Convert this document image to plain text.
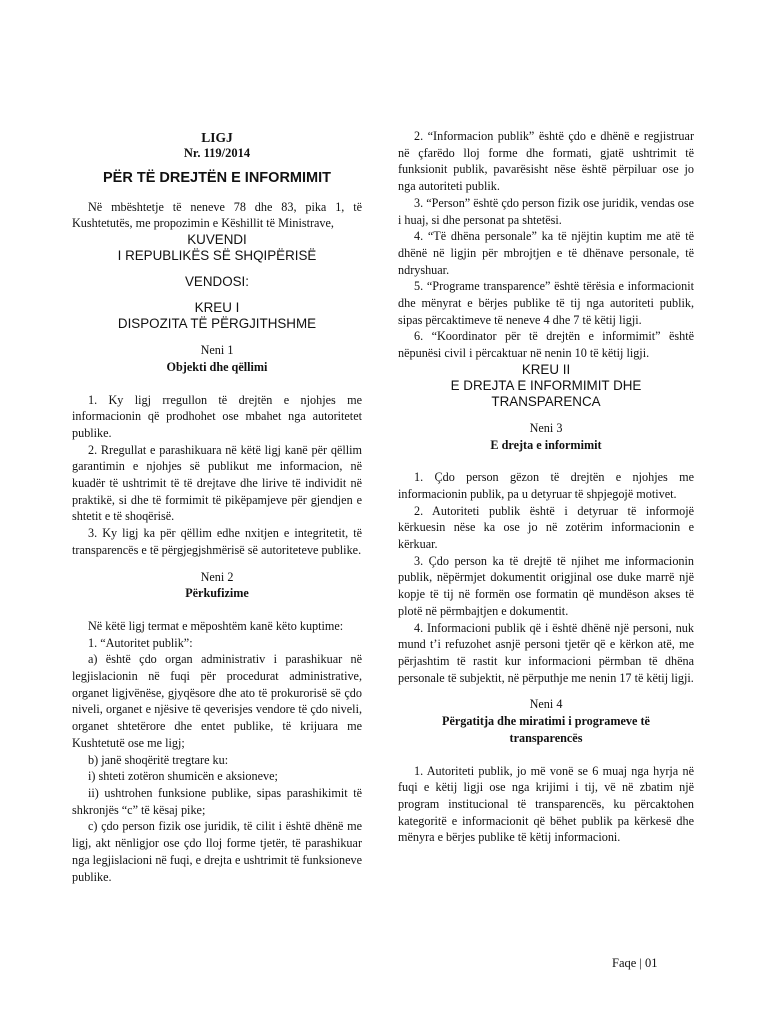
LIGJ

Nr. 119/2014

PËR TË DREJTËN E INFORMIMIT

Në mbështetje të neneve 78 dhe 83, pika 1, të Kushtetutës, me propozimin e Këshillit të Ministrave,

KUVENDI

I REPUBLIKËS SË SHQIPËRISË

VENDOSI:

KREU I

DISPOZITA TË PËRGJITHSHME

Neni 1

Objekti dhe qëllimi

1. Ky ligj rregullon të drejtën e njohjes me informacionin që prodhohet ose mbahet nga autoritetet publike.

2. Rregullat e parashikuara në këtë ligj kanë për qëllim garantimin e njohjes së publikut me informacion, në kuadër të ushtrimit të të drejtave dhe lirive të individit në praktikë, si dhe të formimit të pikëpamjeve për gjendjen e shtetit e të shoqërisë.

3. Ky ligj ka për qëllim edhe nxitjen e integritetit, të transparencës e të përgjegjshmërisë së autoriteteve publike.

Neni 2

Përkufizime

Në këtë ligj termat e mëposhtëm kanë këto kuptime:

1. “Autoritet publik”:

a) është çdo organ administrativ i parashikuar në legjislacionin në fuqi për procedurat administrative, organet ligjvënëse, gjyqësore dhe ato të prokurorisë së çdo niveli, organet e njësive të qeverisjes vendore të çdo niveli, organet shtetërore dhe entet publike, të krijuara me Kushtetutë ose me ligj;

b) janë shoqëritë tregtare ku:

i) shteti zotëron shumicën e aksioneve;

ii) ushtrohen funksione publike, sipas parashikimit të shkronjës “c” të kësaj pike;

c) çdo person fizik ose juridik, të cilit i është dhënë me ligj, akt nënligjor ose çdo lloj forme tjetër, të parashikuar nga legjislacioni në fuqi, e drejta e ushtrimit të funksioneve publike.

2. “Informacion publik” është çdo e dhënë e regjistruar në çfarëdo lloj forme dhe formati, gjatë ushtrimit të funksionit publik, pavarësisht nëse është përpiluar ose jo nga autoriteti publik.

3. “Person” është çdo person fizik ose juridik, vendas ose i huaj, si dhe personat pa shtetësi.

4. “Të dhëna personale” ka të njëjtin kuptim me atë të dhënë në ligjin për mbrojtjen e të dhënave personale, të ndryshuar.

5. “Programe transparence” është tërësia e informacionit dhe mënyrat e bërjes publike të tij nga autoriteti publik, sipas përcaktimeve të neneve 4 dhe 7 të këtij ligji.

6. “Koordinator për të drejtën e informimit” është nëpunësi civil i përcaktuar në nenin 10 të këtij ligji.

KREU II

E DREJTA E INFORMIMIT DHE

TRANSPARENCA

Neni 3

E drejta e informimit

1. Çdo person gëzon të drejtën e njohjes me informacionin publik, pa u detyruar të shpjegojë motivet.

2. Autoriteti publik është i detyruar të informojë kërkuesin nëse ka ose jo në zotërim informacionin e kërkuar.

3. Çdo person ka të drejtë të njihet me informacionin publik, nëpërmjet dokumentit origjinal ose duke marrë një kopje të tij në formën ose formatin që mundëson akses të plotë në përmbajtjen e dokumentit.

4. Informacioni publik që i është dhënë një personi, nuk mund t’i refuzohet asnjë personi tjetër që e kërkon atë, me përjashtim të rastit kur informacioni përmban të dhëna personale të subjektit, në përputhje me nenin 17 të këtij ligji.

Neni 4

Përgatitja dhe miratimi i programeve të

transparencës

1. Autoriteti publik, jo më vonë se 6 muaj nga hyrja në fuqi e këtij ligji ose nga krijimi i tij, vë në zbatim një program institucional të transparencës, ku përcaktohen kategoritë e informacionit që bëhet publik pa kërkesë dhe mënyra e bërjes publike të këtij informacioni.

Faqe | 01
